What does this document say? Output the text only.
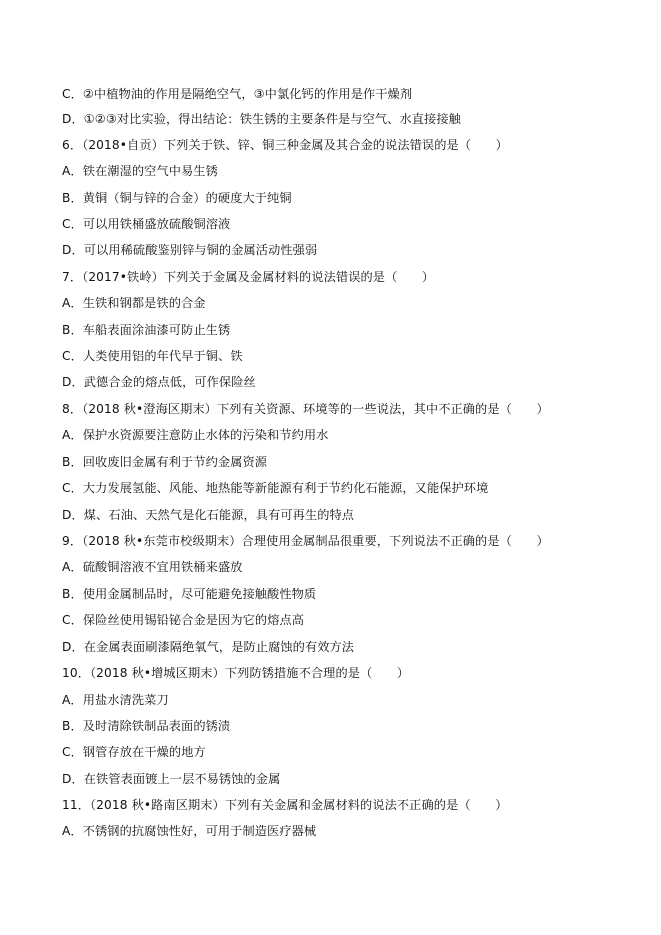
C．②中植物油的作用是隔绝空气，③中氯化钙的作用是作干燥剂
D．①②③对比实验，得出结论：铁生锈的主要条件是与空气、水直接接触
6．（2018•自贡）下列关于铁、锌、铜三种金属及其合金的说法错误的是（　　）
A．铁在潮湿的空气中易生锈
B．黄铜（铜与锌的合金）的硬度大于纯铜
C．可以用铁桶盛放硫酸铜溶液
D．可以用稀硫酸鉴别锌与铜的金属活动性强弱
7．（2017•铁岭）下列关于金属及金属材料的说法错误的是（　　）
A．生铁和钢都是铁的合金
B．车船表面涂油漆可防止生锈
C．人类使用铝的年代早于铜、铁
D．武德合金的熔点低，可作保险丝
8．（2018 秋•澄海区期末）下列有关资源、环境等的一些说法，其中不正确的是（　　）
A．保护水资源要注意防止水体的污染和节约用水
B．回收废旧金属有利于节约金属资源
C．大力发展氢能、风能、地热能等新能源有利于节约化石能源，又能保护环境
D．煤、石油、天然气是化石能源，具有可再生的特点
9．（2018 秋•东莞市校级期末）合理使用金属制品很重要，下列说法不正确的是（　　）
A．硫酸铜溶液不宜用铁桶来盛放
B．使用金属制品时，尽可能避免接触酸性物质
C．保险丝使用锡铅铋合金是因为它的熔点高
D．在金属表面刷漆隔绝氧气，是防止腐蚀的有效方法
10．（2018 秋•增城区期末）下列防锈措施不合理的是（　　）
A．用盐水清洗菜刀
B．及时清除铁制品表面的锈渍
C．钢管存放在干燥的地方
D．在铁管表面镀上一层不易锈蚀的金属
11．（2018 秋•路南区期末）下列有关金属和金属材料的说法不正确的是（　　）
A．不锈钢的抗腐蚀性好，可用于制造医疗器械
